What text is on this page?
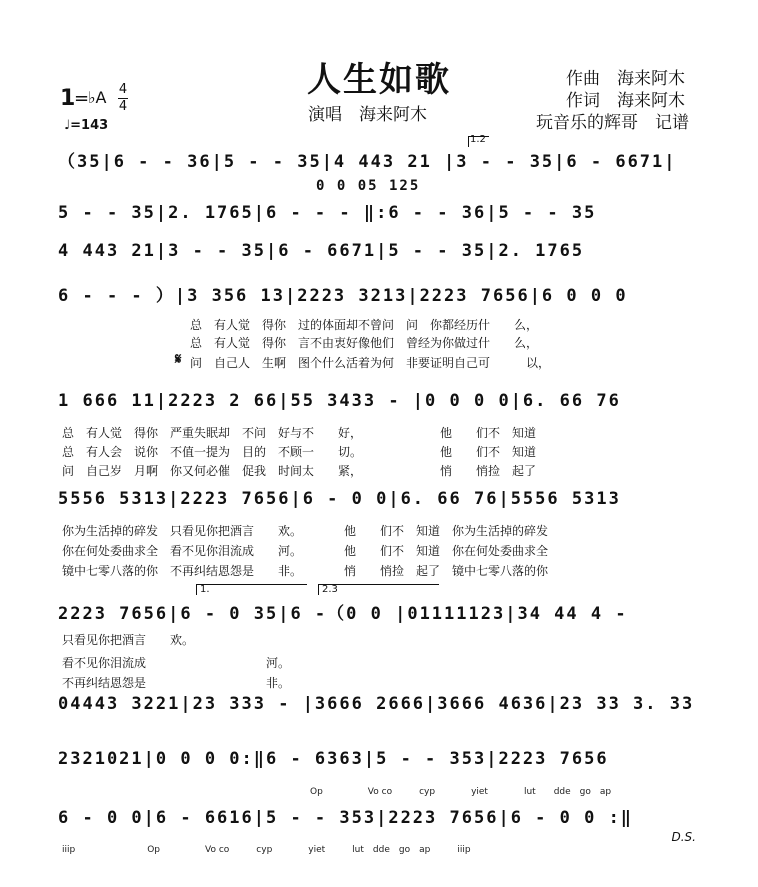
人生如歌
演唱　海来阿木
作曲　海来阿木
作词　海来阿木
玩音乐的辉哥　记谱
1
=
♭A 4
4
♩=143
1.2
（35|6 - - 36|5 - - 35|4 443 21 |3 - - 35|6 - 6671|
0 0 05 125
5 - - 35|2. 1765|6 - - - ‖:6 - - 36|5 - - 35
4 443 21|3 - - 35|6 - 6671|5 - - 35|2. 1765
6 - - - ）|3 356 13|2223 3213|2223 7656|6 0 0 0
𝄋
总　有人觉　得你　过的体面却不曾问　问　你都经历什　　么，
总　有人觉　得你　言不由衷好像他们　曾经为你做过什　　么，
问　自己人　生啊　图个什么活着为何　非要证明自己可　　　以，
1 666 11|2223 2 66|55 3433 - |0 0 0 0|6. 66 76
总　有人觉　得你　严重失眠却　不问　好与不　　好，　　　　　　　他　　们不　知道
总　有人会　说你　不值一提为　目的　不顾一　　切。　　　　　　　他　　们不　知道
问　自己岁　月啊　你又何必催　促我　时间太　　紧，　　　　　　　悄　　悄捡　起了
5556 5313|2223 7656|6 - 0 0|6. 66 76|5556 5313
你为生活掉的碎发　只看见你把酒言　　欢。　　　　他　　们不　知道　你为生活掉的碎发
你在何处委曲求全　看不见你泪流成　　河。　　　　他　　们不　知道　你在何处委曲求全
镜中七零八落的你　不再纠结恩怨是　　非。　　　　悄　　悄捡　起了　镜中七零八落的你
1.	2.3
2223 7656|6 - 0 35|6 -（0 0 |01111123|34 44 4 -
只看见你把酒言　　欢。
看不见你泪流成　　　　　　　　　　河。
不再纠结恩怨是　　　　　　　　　　非。
04443 3221|23 333 - |3666 2666|3666 4636|23 33 3. 33
2321021|0 0 0 0:‖6 - 6363|5 - - 353|2223 7656
Op　　　　　Vo co　　　cyp　　　　yiet　　　　lut　　dde　go　ap
6 - 0 0|6 - 6616|5 - - 353|2223 7656|6 - 0 0 :‖
D.S.
iiip　　　　　　　　Op　　　　　Vo co　　　cyp　　　　yiet　　　lut　dde　go　ap　　　iiip
